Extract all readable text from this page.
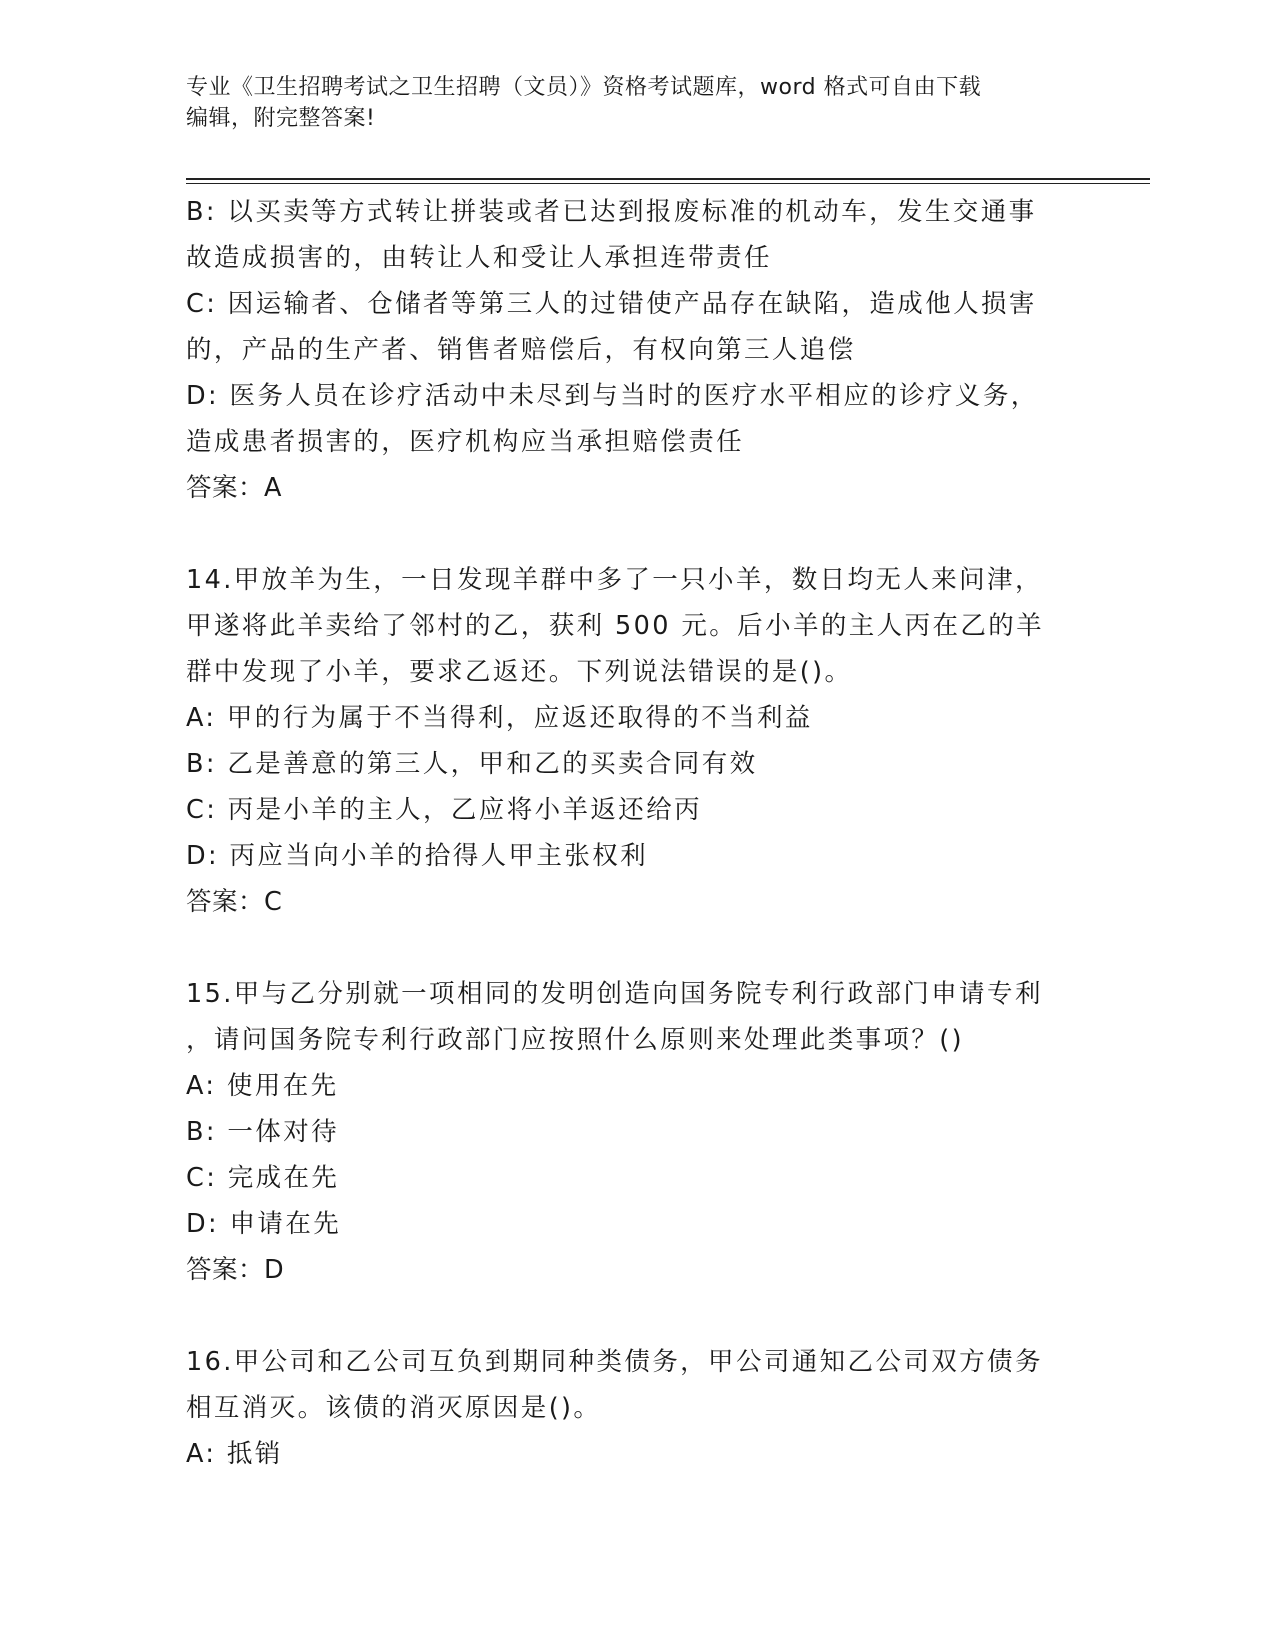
专业《卫生招聘考试之卫生招聘（文员）》资格考试题库，word 格式可自由下载
编辑，附完整答案!
B: 以买卖等方式转让拼装或者已达到报废标准的机动车，发生交通事
故造成损害的，由转让人和受让人承担连带责任
C: 因运输者、仓储者等第三人的过错使产品存在缺陷，造成他人损害
的，产品的生产者、销售者赔偿后，有权向第三人追偿
D: 医务人员在诊疗活动中未尽到与当时的医疗水平相应的诊疗义务，
造成患者损害的，医疗机构应当承担赔偿责任
答案：A
14.甲放羊为生，一日发现羊群中多了一只小羊，数日均无人来问津，
甲遂将此羊卖给了邻村的乙，获利 500 元。后小羊的主人丙在乙的羊
群中发现了小羊，要求乙返还。下列说法错误的是()。
A: 甲的行为属于不当得利，应返还取得的不当利益
B: 乙是善意的第三人，甲和乙的买卖合同有效
C: 丙是小羊的主人，乙应将小羊返还给丙
D: 丙应当向小羊的拾得人甲主张权利
答案：C
15.甲与乙分别就一项相同的发明创造向国务院专利行政部门申请专利
，请问国务院专利行政部门应按照什么原则来处理此类事项？()
A: 使用在先
B: 一体对待
C: 完成在先
D: 申请在先
答案：D
16.甲公司和乙公司互负到期同种类债务，甲公司通知乙公司双方债务
相互消灭。该债的消灭原因是()。
A: 抵销
